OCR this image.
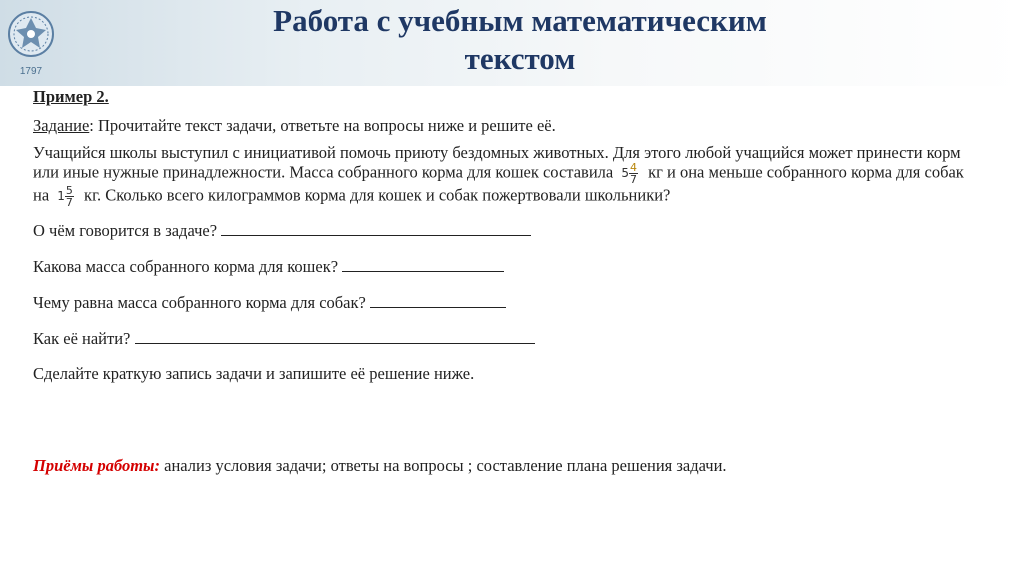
1797
Работа с учебным математическим
текстом

Пример 2.

Задание: Прочитайте текст задачи, ответьте на вопросы ниже и решите её.

Учащийся школы выступил с инициативой помочь приюту бездомных животных. Для этого любой учащийся может принести корм или иные нужные принадлежности. Масса собранного корма для кошек составила $5 \frac{4}{7}$ кг и она меньше собранного корма для собак на $1 \frac{5}{7}$ кг. Сколько всего килограммов корма для кошек и собак пожертвовали школьники?

О чём говорится в задаче?

Какова масса собранного корма для кошек?

Чему равна масса собранного корма для собак?

Как её найти?

Сделайте краткую запись задачи и запишите её решение ниже.

Приёмы работы: анализ условия задачи; ответы на вопросы ; составление плана решения задачи.
